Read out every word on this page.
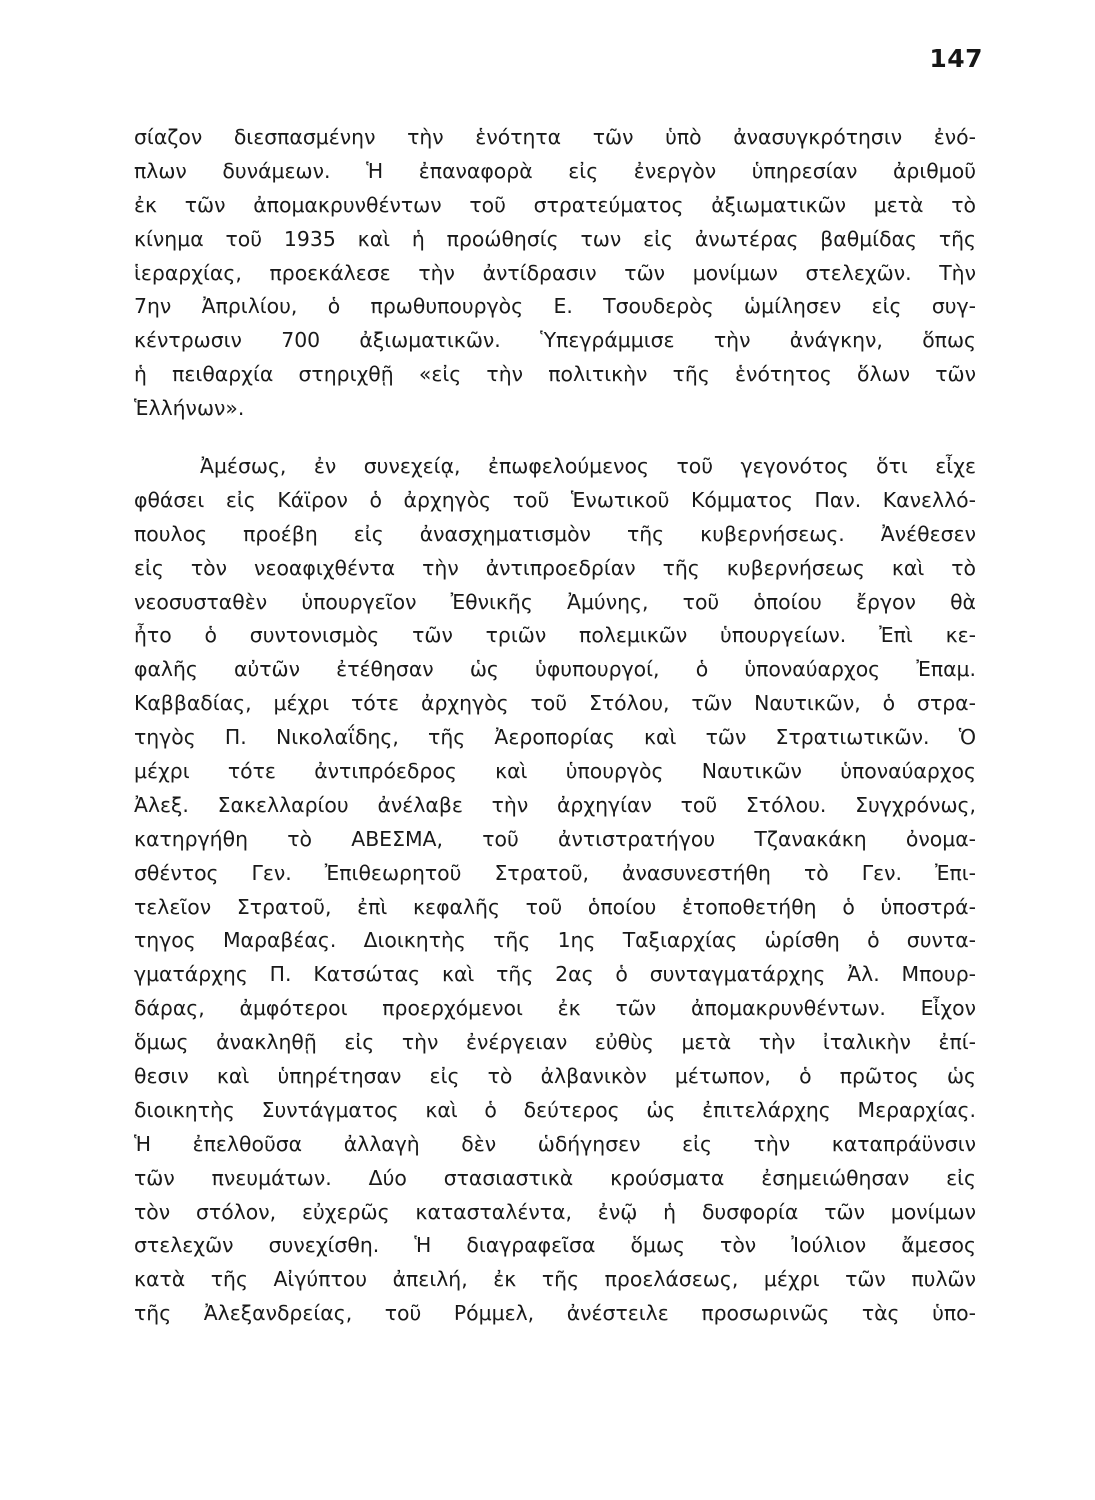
147
σίαζον διεσπασμένην τὴν ἑνότητα τῶν ὑπὸ ἀνασυγκρότησιν ἐνό-
πλων δυνάμεων. Ἡ ἐπαναφορὰ εἰς ἐνεργὸν ὑπηρεσίαν ἀριθμοῦ
ἐκ τῶν ἀπομακρυνθέντων τοῦ στρατεύματος ἀξιωματικῶν μετὰ τὸ
κίνημα τοῦ 1935 καὶ ἡ προώθησίς των εἰς ἀνωτέρας βαθμίδας τῆς
ἱεραρχίας, προεκάλεσε τὴν ἀντίδρασιν τῶν μονίμων στελεχῶν. Τὴν
7ην Ἀπριλίου, ὁ πρωθυπουργὸς Ε. Τσουδερὸς ὡμίλησεν εἰς συγ-
κέντρωσιν 700 ἀξιωματικῶν. Ὑπεγράμμισε τὴν ἀνάγκην, ὅπως
ἡ πειθαρχία στηριχθῇ «εἰς τὴν πολιτικὴν τῆς ἑνότητος ὅλων τῶν
Ἑλλήνων».
Ἀμέσως, ἐν συνεχείᾳ, ἐπωφελούμενος τοῦ γεγονότος ὅτι εἶχε
φθάσει εἰς Κάϊρον ὁ ἀρχηγὸς τοῦ Ἑνωτικοῦ Κόμματος Παν. Κανελλό-
πουλος προέβη εἰς ἀνασχηματισμὸν τῆς κυβερνήσεως. Ἀνέθεσεν
εἰς τὸν νεοαφιχθέντα τὴν ἀντιπροεδρίαν τῆς κυβερνήσεως καὶ τὸ
νεοσυσταθὲν ὑπουργεῖον Ἐθνικῆς Ἀμύνης, τοῦ ὁποίου ἔργον θὰ
ἦτο ὁ συντονισμὸς τῶν τριῶν πολεμικῶν ὑπουργείων. Ἐπὶ κε-
φαλῆς αὐτῶν ἐτέθησαν ὡς ὑφυπουργοί, ὁ ὑποναύαρχος Ἐπαμ.
Καββαδίας, μέχρι τότε ἀρχηγὸς τοῦ Στόλου, τῶν Ναυτικῶν, ὁ στρα-
τηγὸς Π. Νικολαΐδης, τῆς Ἀεροπορίας καὶ τῶν Στρατιωτικῶν. Ὁ
μέχρι τότε ἀντιπρόεδρος καὶ ὑπουργὸς Ναυτικῶν ὑποναύαρχος
Ἀλεξ. Σακελλαρίου ἀνέλαβε τὴν ἀρχηγίαν τοῦ Στόλου. Συγχρόνως,
κατηργήθη τὸ ΑΒΕΣΜΑ, τοῦ ἀντιστρατήγου Τζανακάκη ὀνομα-
σθέντος Γεν. Ἐπιθεωρητοῦ Στρατοῦ, ἀνασυνεστήθη τὸ Γεν. Ἐπι-
τελεῖον Στρατοῦ, ἐπὶ κεφαλῆς τοῦ ὁποίου ἐτοποθετήθη ὁ ὑποστρά-
τηγος Μαραβέας. Διοικητὴς τῆς 1ης Ταξιαρχίας ὡρίσθη ὁ συντα-
γματάρχης Π. Κατσώτας καὶ τῆς 2ας ὁ συνταγματάρχης Ἀλ. Μπουρ-
δάρας, ἀμφότεροι προερχόμενοι ἐκ τῶν ἀπομακρυνθέντων. Εἶχον
ὅμως ἀνακληθῇ εἰς τὴν ἐνέργειαν εὐθὺς μετὰ τὴν ἰταλικὴν ἐπί-
θεσιν καὶ ὑπηρέτησαν εἰς τὸ ἀλβανικὸν μέτωπον, ὁ πρῶτος ὡς
διοικητὴς Συντάγματος καὶ ὁ δεύτερος ὡς ἐπιτελάρχης Μεραρχίας.
Ἡ ἐπελθοῦσα ἀλλαγὴ δὲν ὡδήγησεν εἰς τὴν καταπράϋνσιν
τῶν πνευμάτων. Δύο στασιαστικὰ κρούσματα ἐσημειώθησαν εἰς
τὸν στόλον, εὐχερῶς κατασταλέντα, ἐνῷ ἡ δυσφορία τῶν μονίμων
στελεχῶν συνεχίσθη. Ἡ διαγραφεῖσα ὅμως τὸν Ἰούλιον ἄμεσος
κατὰ τῆς Αἰγύπτου ἀπειλή, ἐκ τῆς προελάσεως, μέχρι τῶν πυλῶν
τῆς Ἀλεξανδρείας, τοῦ Ρόμμελ, ἀνέστειλε προσωρινῶς τὰς ὑπο-
